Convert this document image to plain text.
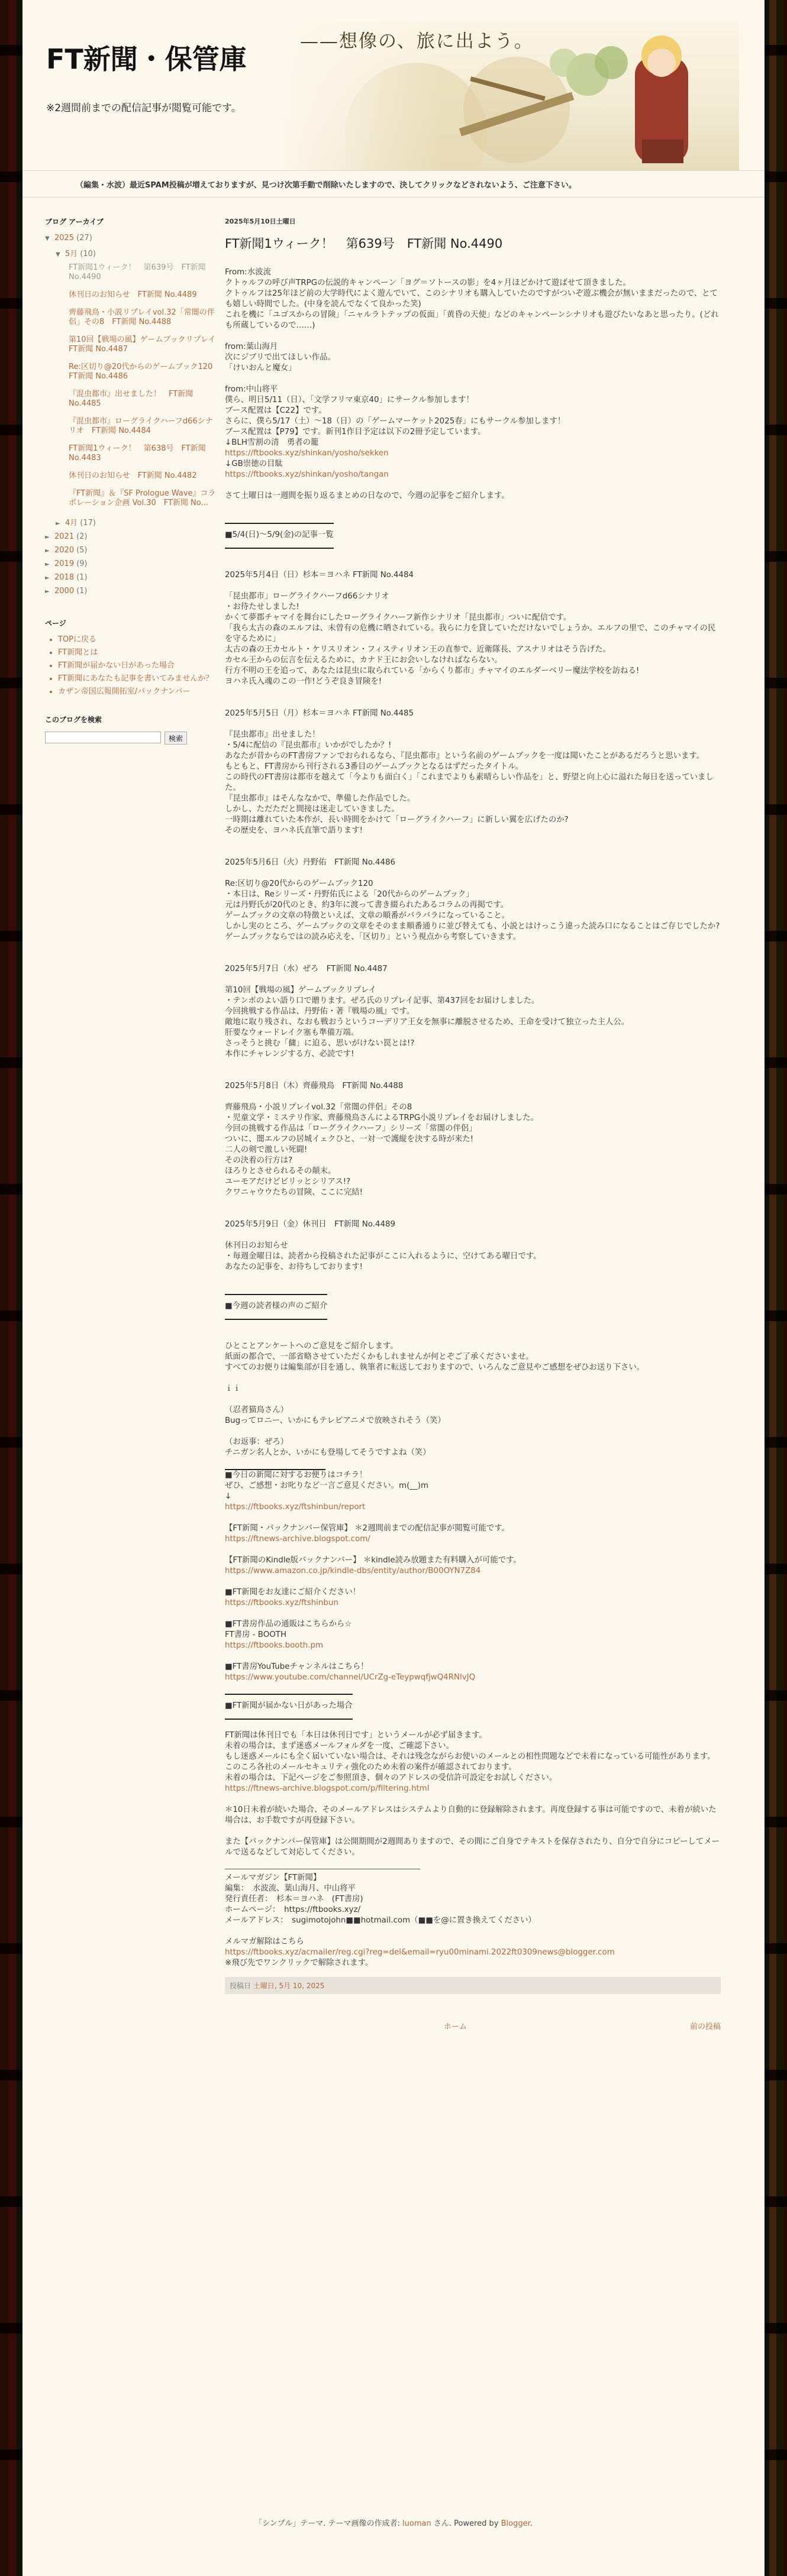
FT新聞・保管庫
※2週間前までの配信記事が閲覧可能です。
——想像の、旅に出よう。
（編集・水波）最近SPAM投稿が増えておりますが、見つけ次第手動で削除いたしますので、決してクリックなどされないよう、ご注意下さい。
ブログ アーカイブ
▼ 2025 (27)
▼ 5月 (10)
FT新聞1ウィーク！　第639号　FT新聞 No.4490
休刊日のお知らせ　FT新聞 No.4489
齊藤飛鳥・小説リプレイvol.32「常闇の伴侶」その8　FT新聞 No.4488
第10回【戦場の風】ゲームブックリプレイ　FT新聞 No.4487
Re:区切り@20代からのゲームブック120　FT新聞 No.4486
『混虫都市』出せました！　FT新聞 No.4485
『混虫都市』ローグライクハーフd66シナリオ　FT新聞 No.4484
FT新聞1ウィーク！　第638号　FT新聞 No.4483
休刊日のお知らせ　FT新聞 No.4482
『FT新聞』＆『SF Prologue Wave』コラボレーション企画 Vol.30　FT新聞 No...
► 4月 (17)
► 2021 (2)
► 2020 (5)
► 2019 (9)
► 2018 (1)
► 2000 (1)
ページ
• TOPに戻る
• FT新聞とは
• FT新聞が届かない日があった場合
• FT新聞にあなたも記事を書いてみませんか？
• カザン帝国広報開拓室/バックナンバー
このブログを検索
検索
2025年5月10日土曜日
FT新聞1ウィーク！　第639号　FT新聞 No.4490

From:水波流

クトゥルフの呼び声TRPGの伝説的キャンペーン「ヨグ＝ソトースの影」を4ヶ月ほどかけて遊ばせて頂きました。

クトゥルフは25年ほど前の大学時代によく遊んでいて、このシナリオも購入していたのですがついぞ遊ぶ機会が無いままだったので、とても嬉しい時間でした。(中身を読んでなくて良かった笑)

これを機に「ユゴスからの冒険」「ニャルラトテップの仮面」「黄昏の天使」などのキャンペーンシナリオも遊びたいなあと思ったり。(どれも所蔵しているので……)

from:葉山海月

次にジブリで出てほしい作品。

「けいおんと魔女」

from:中山将平

僕ら、明日5/11（日）、「文学フリマ東京40」にサークル参加します！

ブース配置は【C22】です。

さらに、僕ら5/17（土）～18（日）の「ゲームマーケット2025春」にもサークル参加します！

ブース配置は【P79】です。新刊1作目予定は以下の2冊予定しています。

↓BLH雪割の清　勇者の籠

https://ftbooks.xyz/shinkan/yosho/sekken

↓GB崇徳の目駄

https://ftbooks.xyz/shinkan/yosho/tangan

さて土曜日は一週間を振り返るまとめの日なので、今週の記事をご紹介します。

■5/4(日)～5/9(金)の記事一覧

2025年5月4日（日）杉本＝ヨハネ FT新聞 No.4484

「昆虫都市」ローグライクハーフd66シナリオ

・お待たせしました!

かくて夢郡チャマイを舞台にしたローグライクハーフ新作シナリオ「昆虫都市」ついに配信です。

「我ら太古の森のエルフは、未曽有の危機に晒されている。我らに力を貸していただけないでしょうか。エルフの里で、このチャマイの民を守るために」

太古の森の王カセルト・ケリスリオン・フィスティリオン王の直参で、近衛隊長、アスナリオはそう告げた。

カセル王からの伝言を伝えるために、カナド王にお会いしなければならない。

行方不明の王を追って、あなたは昆虫に取られている「からくり都市」チャマイのエルダーベリー魔法学校を訪ねる!

ヨハネ氏入魂のこの一作!どうぞ良き冒険を!

2025年5月5日（月）杉本＝ヨハネ FT新聞 No.4485

『昆虫都市』出せました！

・5/4に配信の『昆虫都市』いかがでしたか？!

あなたが昔からのFT書房ファンでおられるなら、『昆虫都市』という名前のゲームブックを一度は聞いたことがあるだろうと思います。

もともと、FT書房から刊行される3番目のゲームブックとなるはずだったタイトル。

この時代のFT書房は都市を越えて「今よりも面白く」「これまでよりも素晴らしい作品を」と、野望と向上心に溢れた毎日を送っていました。

『昆虫都市』はそんななかで、準備した作品でした。

しかし、ただただと間接は迷走していきました。

一時期は離れていた本作が、長い時間をかけて「ローグライクハーフ」に新しい翼を広げたのか?

その歴史を、ヨハネ氏直筆で語ります!

2025年5月6日（火）丹野佑　FT新聞 No.4486

Re:区切り@20代からのゲームブック120

・本日は、Reシリーズ・丹野佑氏による「20代からのゲームブック」

元は丹野氏が20代のとき、約3年に渡って書き綴られたあるコラムの再掲です。

ゲームブックの文章の特徴といえば、文章の順番がバラバラになっていること。

しかし実のところ、ゲームブックの文章をそのまま順番通りに並び替えても、小説とはけっこう違った読み口になることはご存じでしたか?

ゲームブックならではの読み応えを、「区切り」という視点から考察していきます。

2025年5月7日（水）ぜろ　FT新聞 No.4487

第10回【戦場の風】ゲームブックリプレイ

・テンポのよい語り口で贈ります。ぜろ氏のリプレイ記事、第437回をお届けしました。

今回挑戦する作品は、丹野佑・著『戦場の風』です。

敵地に取り残され、なおも戦おうというコーデリア王女を無事に離脱させるため、王命を受けて独立った主人公。

肝要なウォードレイク塞も準備万端。

さっそうと挑む「傭」に迫る、思いがけない罠とは!?

本作にチャレンジする方、必読です!

2025年5月8日（木）齊藤飛鳥　FT新聞 No.4488

齊藤飛鳥・小説リプレイvol.32「常闇の伴侶」その8

・児童文学・ミステリ作家、齊藤飛鳥さんによるTRPG小説リプレイをお届けしました。

今回の挑戦する作品は「ローグライクハーフ」シリーズ「常闇の伴侶」

ついに、闇エルフの居城イェクひと、一対一で護縦を決する時が来た!

二人の剣で激しい死闘!

その決着の行方は?

ほろりとさせられるその顛末。

ユーモアだけどビリッとシリアス!?

クワニャウウたちの冒険、ここに完結!

2025年5月9日（金）休刊日　FT新聞 No.4489

休刊日のお知らせ

・毎週金曜日は、読者から投稿された記事がここに入れるように、空けてある曜日です。

あなたの記事を、お待ちしております!

■今週の読者様の声のご紹介

ひとことアンケートへのご意見をご紹介します。

紙面の都合で、一部省略させていただくかもしれませんが何とぞご了承くださいませ。

すべてのお便りは編集部が目を通し、執筆者に転送しておりますので、いろんなご意見やご感想をぜひお送り下さい。

ｉｉ

（忍者猫鳥さん）

Bugってロニー、いかにもテレビアニメで放映されそう（笑）

（お返事：ぜろ）

チニガン名人とか、いかにも登場してそうですよね（笑）

■今日の新聞に対するお便りはコチラ！

ぜひ、ご感想・お叱りなど一言ご意見ください。m(__)m

↓

https://ftbooks.xyz/ftshinbun/report

【FT新聞・バックナンバー保管庫】 ＊2週間前までの配信記事が閲覧可能です。

https://ftnews-archive.blogspot.com/

【FT新聞のKindle版バックナンバー】 ＊kindle読み放題また有料購入が可能です。

https://www.amazon.co.jp/kindle-dbs/entity/author/B00OYN7Z84

■FT新聞をお友達にご紹介ください！

https://ftbooks.xyz/ftshinbun

■FT書房作品の通販はこちらから☆

FT書房 - BOOTH

https://ftbooks.booth.pm

■FT書房YouTubeチャンネルはこちら！

https://www.youtube.com/channel/UCrZg-eTeypwqfjwQ4RNlvJQ

■FT新聞が届かない日があった場合

FT新聞は休刊日でも「本日は休刊日です」というメールが必ず届きます。

未着の場合は、まず迷惑メールフォルダを一度、ご確認下さい。

もし迷惑メールにも全く届いていない場合は、それは残念ながらお使いのメールとの相性問題などで未着になっている可能性があります。

このころ各社のメールセキュリティ強化のため未着の案件が確認されております。

未着の場合は、下記ページをご参照頂き、個々のアドレスの受信許可設定をお試しください。

https://ftnews-archive.blogspot.com/p/filtering.html

＊10日未着が続いた場合、そのメールアドレスはシステムより自動的に登録解除されます。再度登録する事は可能ですので、未着が続いた場合は、お手数ですが再登録下さい。

また【バックナンバー保管庫】は公開期間が2週間ありますので、その間にご自身でテキストを保存されたり、自分で自分にコピーしてメールで送るなどして対応してください。

メールマガジン【FT新聞】

編集：　水波流、葉山海月、中山将平

発行責任者：　杉本＝ヨハネ　(FT書房)

ホームページ：　https://ftbooks.xyz/

メールアドレス：　sugimotojohn■■hotmail.com（■■を@に置き換えてください）

メルマガ解除はこちら

https://ftbooks.xyz/acmailer/reg.cgi?reg=del&email=ryu00minami.2022ft0309news@blogger.com

※飛び先でワンクリックで解除されます。

投稿日 土曜日, 5月 10, 2025
ホーム	前の投稿
「シンプル」テーマ. テーマ画像の作成者: luoman さん. Powered by Blogger.
